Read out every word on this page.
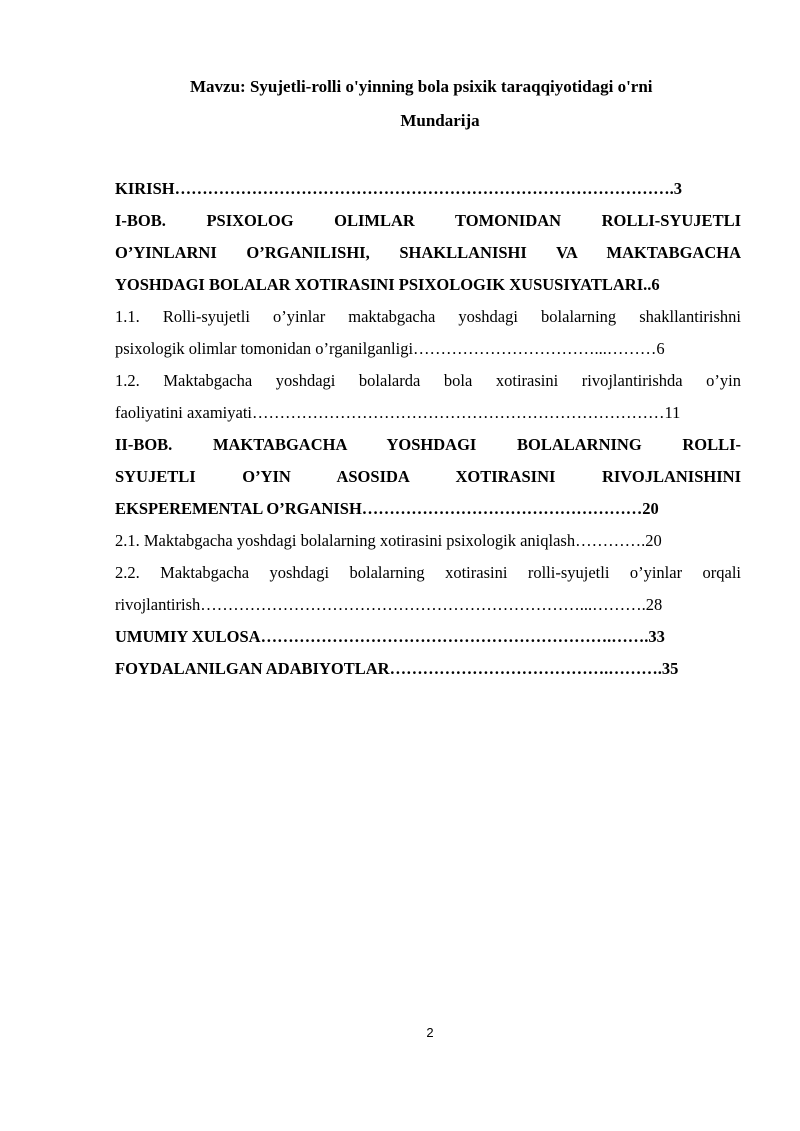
Mavzu: Syujetli-rolli o'yinning bola psixik taraqqiyotidagi o'rni
Mundarija
KIRISH……………………………………………………………………………….3
I-BOB. PSIXOLOG OLIMLAR TOMONIDAN ROLLI-SYUJETLI
O’YINLARNI O’RGANILISHI, SHAKLLANISHI VA MAKTABGACHA
YOSHDAGI BOLALAR XOTIRASINI PSIXOLOGIK XUSUSIYATLARI..6
1.1. Rolli-syujetli o’yinlar maktabgacha yoshdagi bolalarning shakllantirishni
psixologik olimlar tomonidan o’rganilganligi……………………………...………6
1.2. Maktabgacha yoshdagi bolalarda bola xotirasini rivojlantirishda o’yin
faoliyatini axamiyati…………………………………………………………………11
II-BOB. MAKTABGACHA YOSHDAGI BOLALARNING ROLLI-
SYUJETLI O’YIN ASOSIDA XOTIRASINI RIVOJLANISHINI
EKSPEREMENTAL O’RGANISH……………………………………………20
2.1. Maktabgacha yoshdagi bolalarning xotirasini psixologik aniqlash………….20
2.2. Maktabgacha yoshdagi bolalarning xotirasini rolli-syujetli o’yinlar orqali
rivojlantirish……………………………………………………………...……….28
UMUMIY XULOSA……………………………………………………….…….33
FOYDALANILGAN ADABIYOTLAR………………………………….……….35
2
